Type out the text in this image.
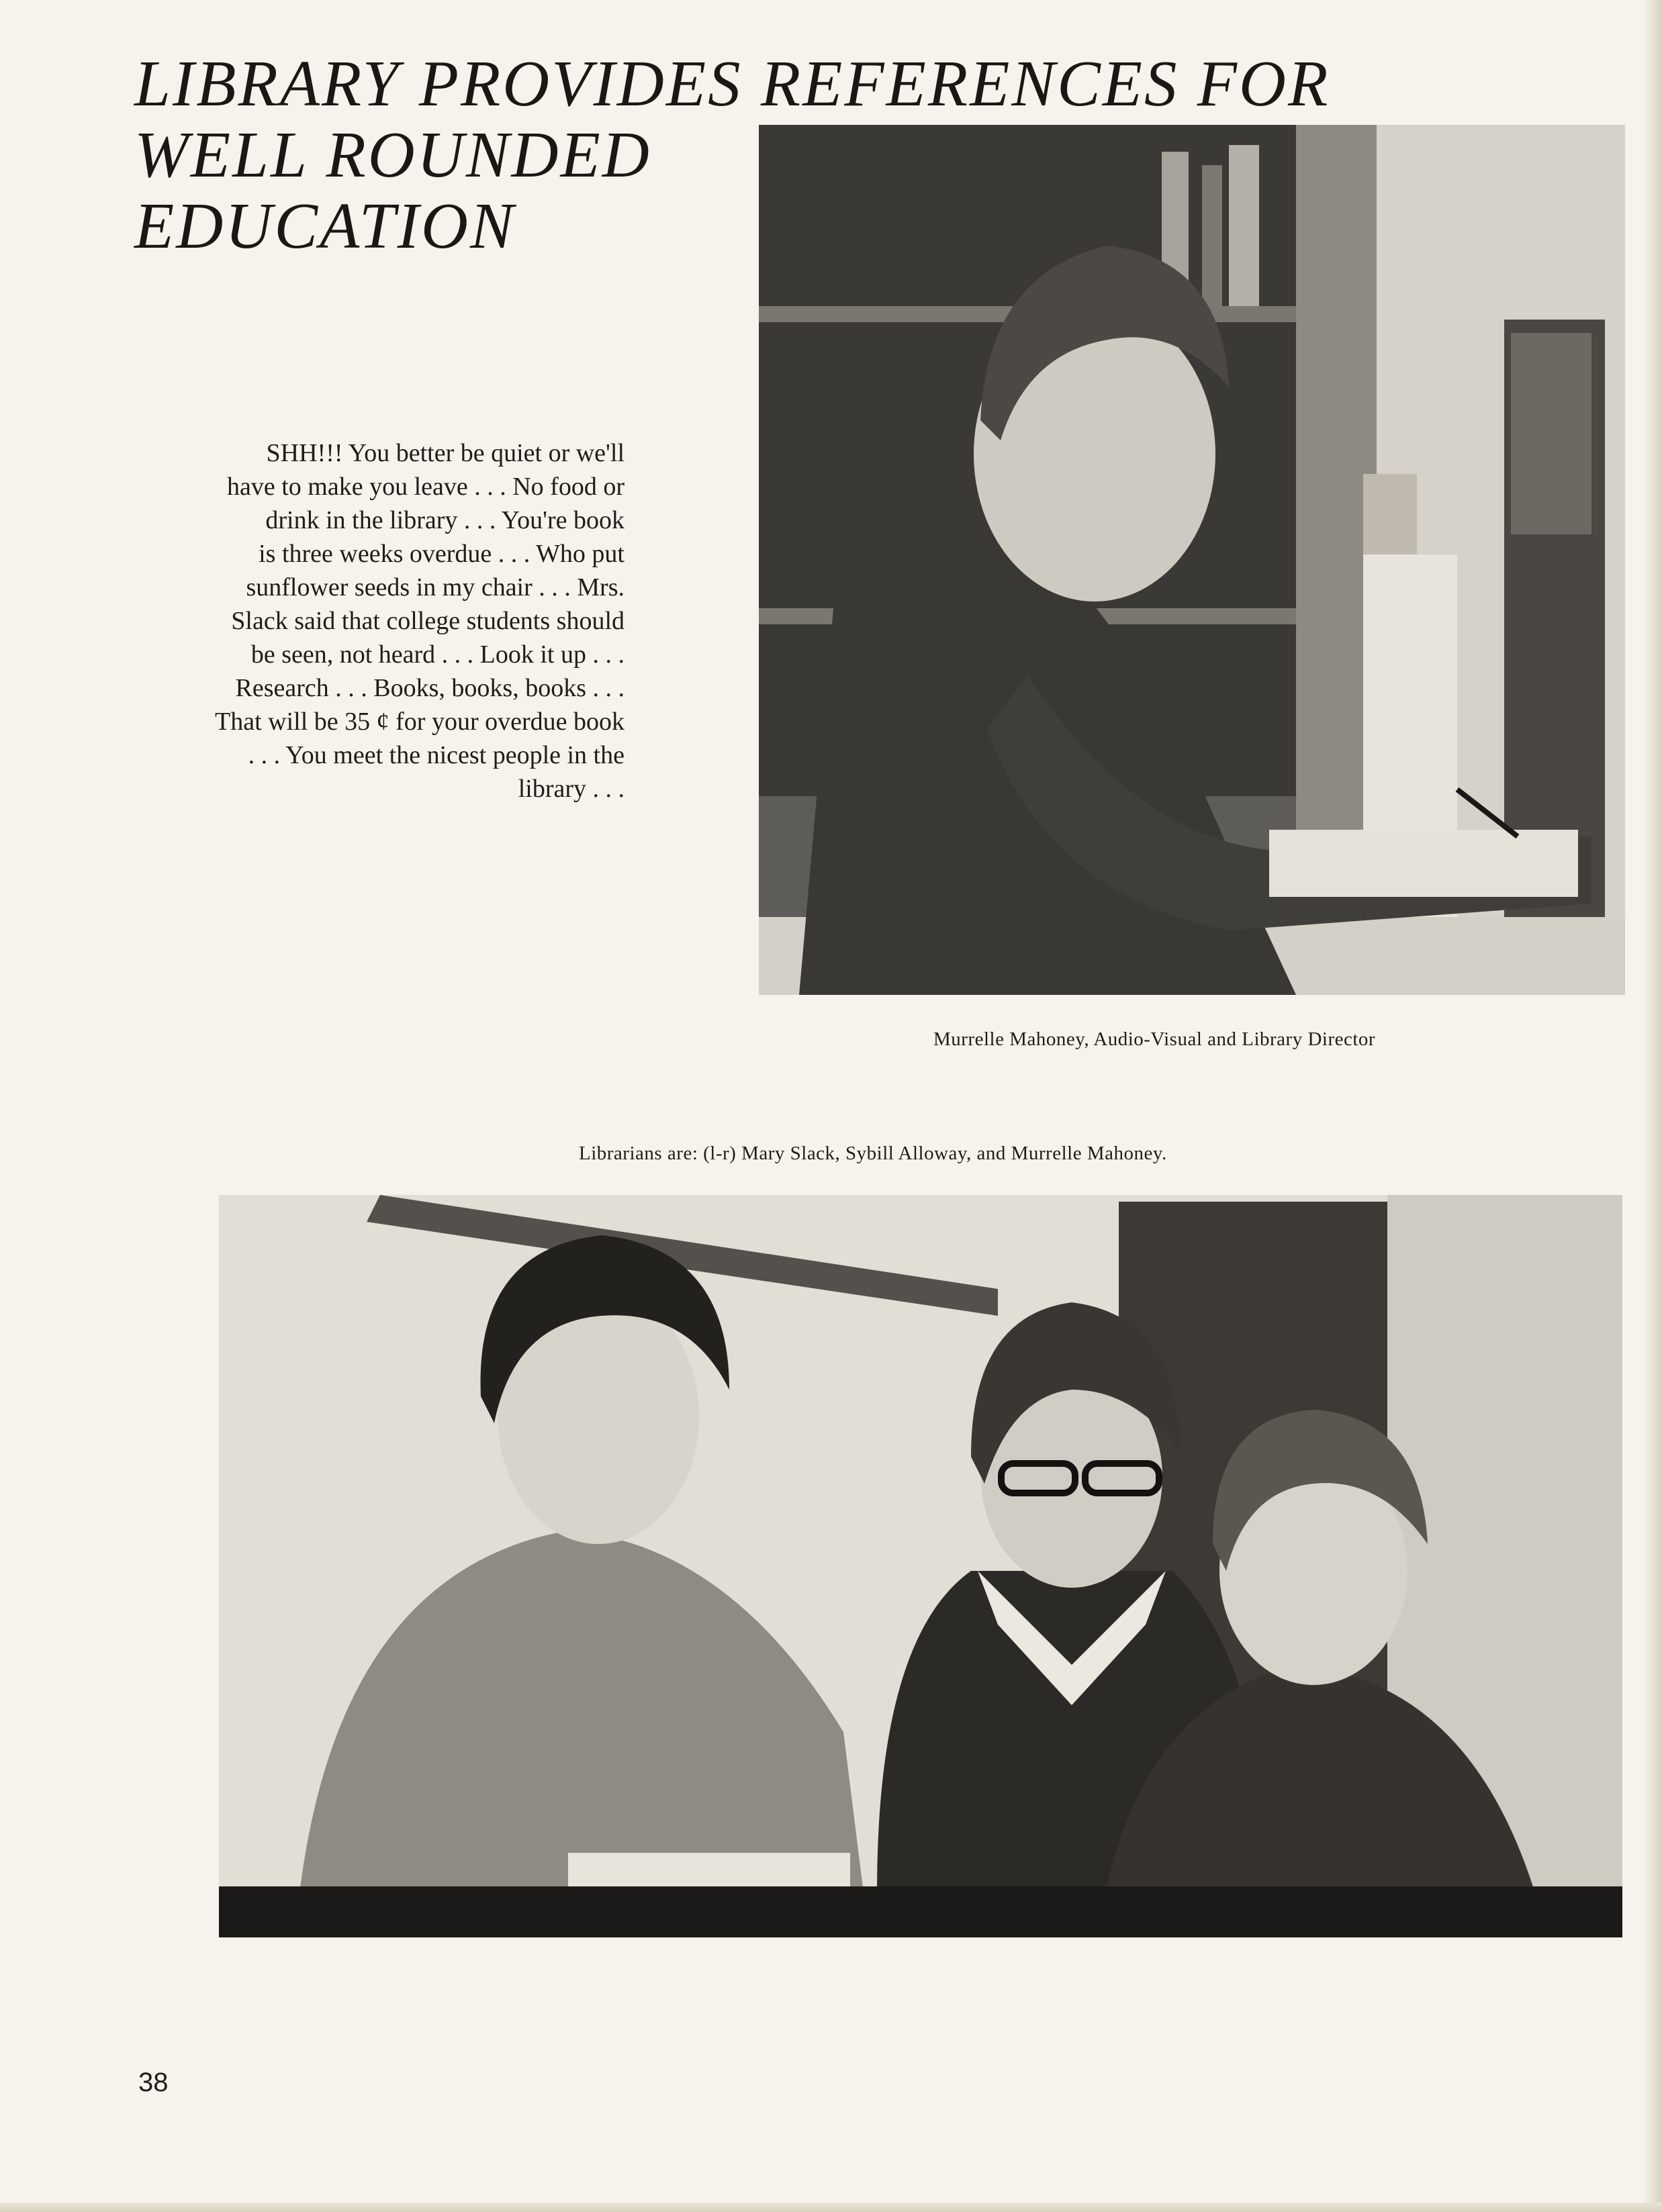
LIBRARY PROVIDES REFERENCES FOR
WELL ROUNDED
EDUCATION
SHH!!! You better be quiet or we'll
have to make you leave . . . No food or
drink in the library . . . You're book
is three weeks overdue . . . Who put
sunflower seeds in my chair . . . Mrs.
Slack said that college students should
be seen, not heard . . . Look it up . . .
Research . . . Books, books, books . . .
That will be 35 ¢ for your overdue book
. . . You meet the nicest people in the
library . . .
Murrelle Mahoney, Audio-Visual and Library Director
Librarians are: (l-r) Mary Slack, Sybill Alloway, and Murrelle Mahoney.
38
